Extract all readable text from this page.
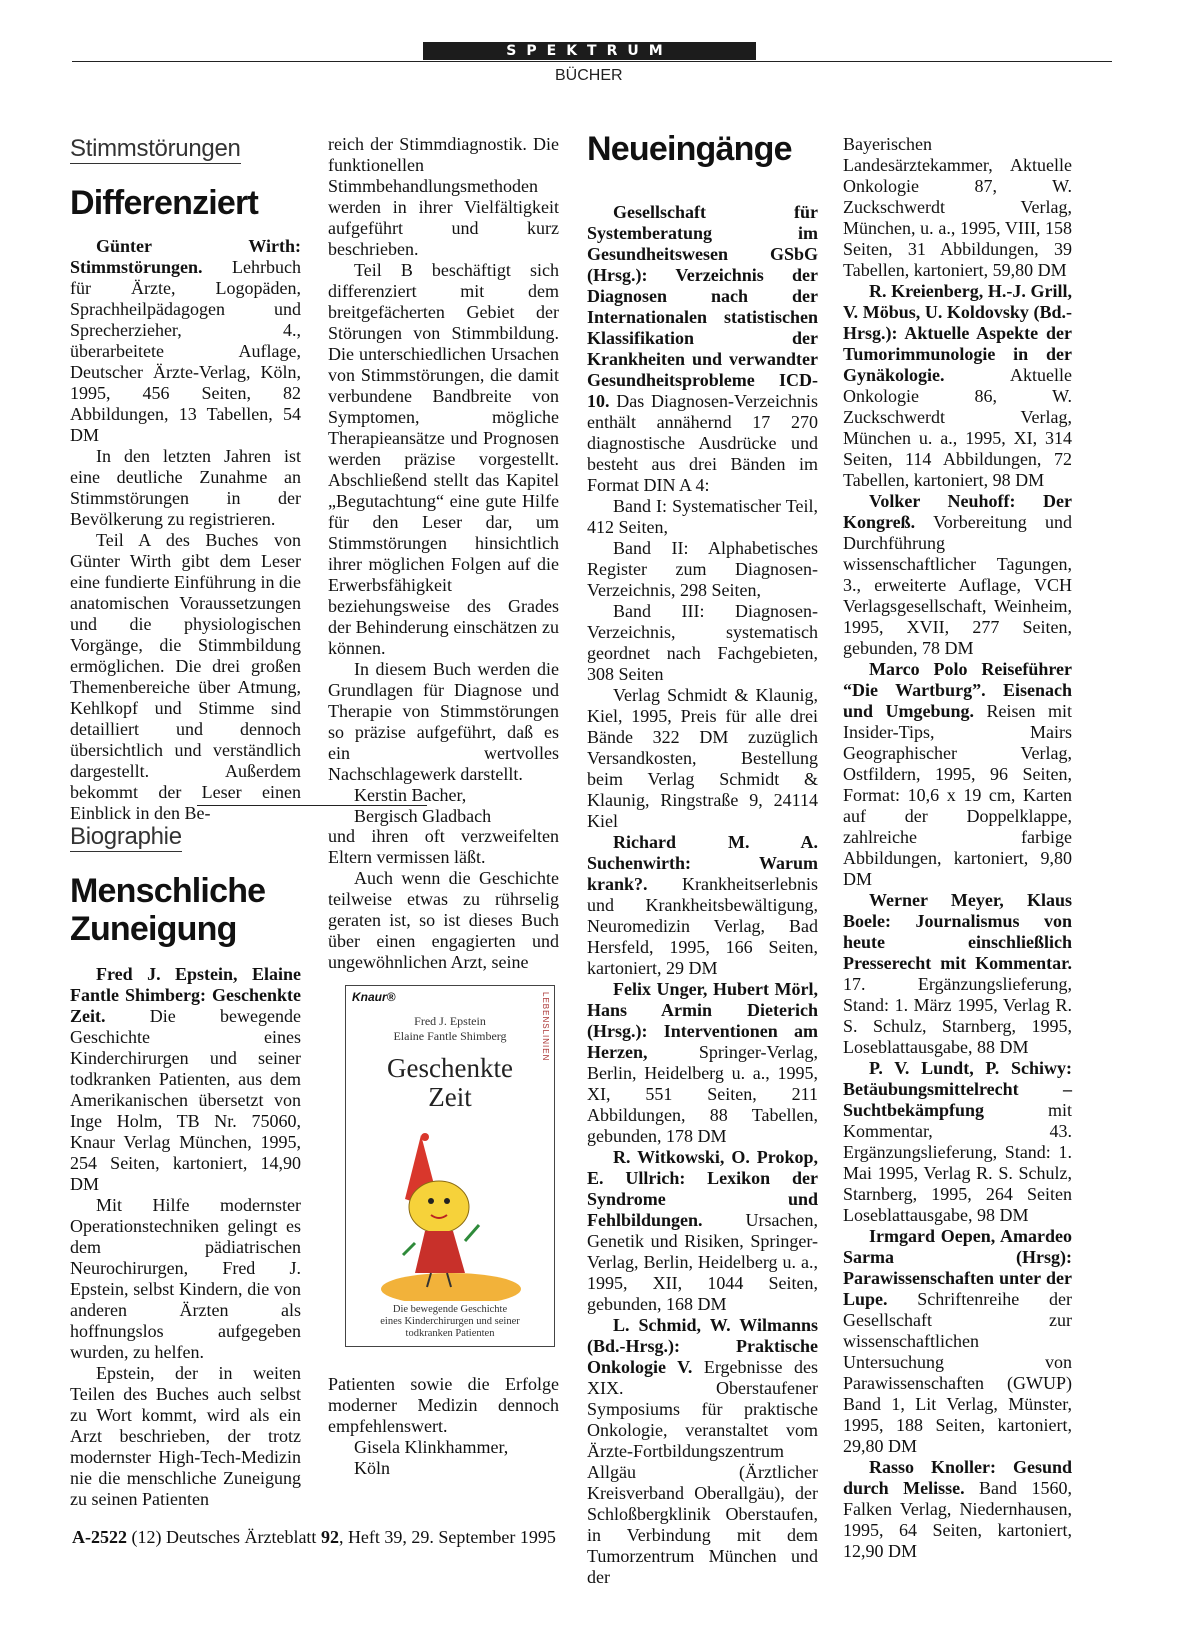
SPEKTRUM
BÜCHER
Stimmstörungen
Differenziert

Günter Wirth: Stimmstörungen. Lehrbuch für Ärzte, Logopäden, Sprachheilpädagogen und Sprecherzieher, 4., überarbeitete Auflage, Deutscher Ärzte-Verlag, Köln, 1995, 456 Seiten, 82 Abbildungen, 13 Tabellen, 54 DM

In den letzten Jahren ist eine deutliche Zunahme an Stimmstörungen in der Bevölkerung zu registrieren.

Teil A des Buches von Günter Wirth gibt dem Leser eine fundierte Einführung in die anatomischen Voraussetzungen und die physiologischen Vorgänge, die Stimmbildung ermöglichen. Die drei großen Themenbereiche über Atmung, Kehlkopf und Stimme sind detailliert und dennoch übersichtlich und verständlich dargestellt. Außerdem bekommt der Leser einen Einblick in den Be-

reich der Stimmdiagnostik. Die funktionellen Stimmbehandlungsmethoden werden in ihrer Vielfältigkeit aufgeführt und kurz beschrieben.

Teil B beschäftigt sich differenziert mit dem breitgefächerten Gebiet der Störungen von Stimmbildung. Die unterschiedlichen Ursachen von Stimmstörungen, die damit verbundene Bandbreite von Symptomen, mögliche Therapieansätze und Prognosen werden präzise vorgestellt. Abschließend stellt das Kapitel „Begutachtung“ eine gute Hilfe für den Leser dar, um Stimmstörungen hinsichtlich ihrer möglichen Folgen auf die Erwerbsfähigkeit beziehungsweise des Grades der Behinderung einschätzen zu können.

In diesem Buch werden die Grundlagen für Diagnose und Therapie von Stimmstörungen so präzise aufgeführt, daß es ein wertvolles Nachschlagewerk darstellt.

Kerstin Bacher,

Bergisch Gladbach

Biographie
Menschliche
Zuneigung

Fred J. Epstein, Elaine Fantle Shimberg: Geschenkte Zeit. Die bewegende Geschichte eines Kinderchirurgen und seiner todkranken Patienten, aus dem Amerikanischen übersetzt von Inge Holm, TB Nr. 75060, Knaur Verlag München, 1995, 254 Seiten, kartoniert, 14,90 DM

Mit Hilfe modernster Operationstechniken gelingt es dem pädiatrischen Neurochirurgen, Fred J. Epstein, selbst Kindern, die von anderen Ärzten als hoffnungslos aufgegeben wurden, zu helfen.

Epstein, der in weiten Teilen des Buches auch selbst zu Wort kommt, wird als ein Arzt beschrieben, der trotz modernster High-Tech-Medizin nie die menschliche Zuneigung zu seinen Patienten

und ihren oft verzweifelten Eltern vermissen läßt.

Auch wenn die Geschichte teilweise etwas zu rührselig geraten ist, so ist dieses Buch über einen engagierten und ungewöhnlichen Arzt, seine

Knaur®	LEBENSLINIEN
Fred J. Epstein
Elaine Fantle Shimberg
Geschenkte
Zeit
Die bewegende Geschichte
eines Kinderchirurgen und seiner
todkranken Patienten

Patienten sowie die Erfolge moderner Medizin dennoch empfehlenswert.

Gisela Klinkhammer,

Köln

Neueingänge

Gesellschaft für Systemberatung im Gesundheitswesen GSbG (Hrsg.): Verzeichnis der Diagnosen nach der Internationalen statistischen Klassifikation der Krankheiten und verwandter Gesundheitsprobleme ICD-10. Das Diagnosen-Verzeichnis enthält annähernd 17 270 diagnostische Ausdrücke und besteht aus drei Bänden im Format DIN A 4:

Band I: Systematischer Teil, 412 Seiten,

Band II: Alphabetisches Register zum Diagnosen-Verzeichnis, 298 Seiten,

Band III: Diagnosen-Verzeichnis, systematisch geordnet nach Fachgebieten, 308 Seiten

Verlag Schmidt & Klaunig, Kiel, 1995, Preis für alle drei Bände 322 DM zuzüglich Versandkosten, Bestellung beim Verlag Schmidt & Klaunig, Ringstraße 9, 24114 Kiel

Richard M. A. Suchenwirth: Warum krank?. Krankheitserlebnis und Krankheitsbewältigung, Neuromedizin Verlag, Bad Hersfeld, 1995, 166 Seiten, kartoniert, 29 DM

Felix Unger, Hubert Mörl, Hans Armin Dieterich (Hrsg.): Interventionen am Herzen, Springer-Verlag, Berlin, Heidelberg u. a., 1995, XI, 551 Seiten, 211 Abbildungen, 88 Tabellen, gebunden, 178 DM

R. Witkowski, O. Prokop, E. Ullrich: Lexikon der Syndrome und Fehlbildungen. Ursachen, Genetik und Risiken, Springer-Verlag, Berlin, Heidelberg u. a., 1995, XII, 1044 Seiten, gebunden, 168 DM

L. Schmid, W. Wilmanns (Bd.-Hrsg.): Praktische Onkologie V. Ergebnisse des XIX. Oberstaufener Symposiums für praktische Onkologie, veranstaltet vom Ärzte-Fortbildungszentrum Allgäu (Ärztlicher Kreisverband Oberallgäu), der Schloßbergklinik Oberstaufen, in Verbindung mit dem Tumorzentrum München und der

Bayerischen Landesärztekammer, Aktuelle Onkologie 87, W. Zuckschwerdt Verlag, München, u. a., 1995, VIII, 158 Seiten, 31 Abbildungen, 39 Tabellen, kartoniert, 59,80 DM

R. Kreienberg, H.-J. Grill, V. Möbus, U. Koldovsky (Bd.-Hrsg.): Aktuelle Aspekte der Tumorimmunologie in der Gynäkologie. Aktuelle Onkologie 86, W. Zuckschwerdt Verlag, München u. a., 1995, XI, 314 Seiten, 114 Abbildungen, 72 Tabellen, kartoniert, 98 DM

Volker Neuhoff: Der Kongreß. Vorbereitung und Durchführung wissenschaftlicher Tagungen, 3., erweiterte Auflage, VCH Verlagsgesellschaft, Weinheim, 1995, XVII, 277 Seiten, gebunden, 78 DM

Marco Polo Reiseführer “Die Wartburg”. Eisenach und Umgebung. Reisen mit Insider-Tips, Mairs Geographischer Verlag, Ostfildern, 1995, 96 Seiten, Format: 10,6 x 19 cm, Karten auf der Doppelklappe, zahlreiche farbige Abbildungen, kartoniert, 9,80 DM

Werner Meyer, Klaus Boele: Journalismus von heute einschließlich Presserecht mit Kommentar. 17. Ergänzungslieferung, Stand: 1. März 1995, Verlag R. S. Schulz, Starnberg, 1995, Loseblattausgabe, 88 DM

P. V. Lundt, P. Schiwy: Betäubungsmittelrecht – Suchtbekämpfung mit Kommentar, 43. Ergänzungslieferung, Stand: 1. Mai 1995, Verlag R. S. Schulz, Starnberg, 1995, 264 Seiten Loseblattausgabe, 98 DM

Irmgard Oepen, Amardeo Sarma (Hrsg): Parawissenschaften unter der Lupe. Schriftenreihe der Gesellschaft zur wissenschaftlichen Untersuchung von Parawissenschaften (GWUP) Band 1, Lit Verlag, Münster, 1995, 188 Seiten, kartoniert, 29,80 DM

Rasso Knoller: Gesund durch Melisse. Band 1560, Falken Verlag, Niedernhausen, 1995, 64 Seiten, kartoniert, 12,90 DM

A-2522 (12) Deutsches Ärzteblatt 92, Heft 39, 29. September 1995
